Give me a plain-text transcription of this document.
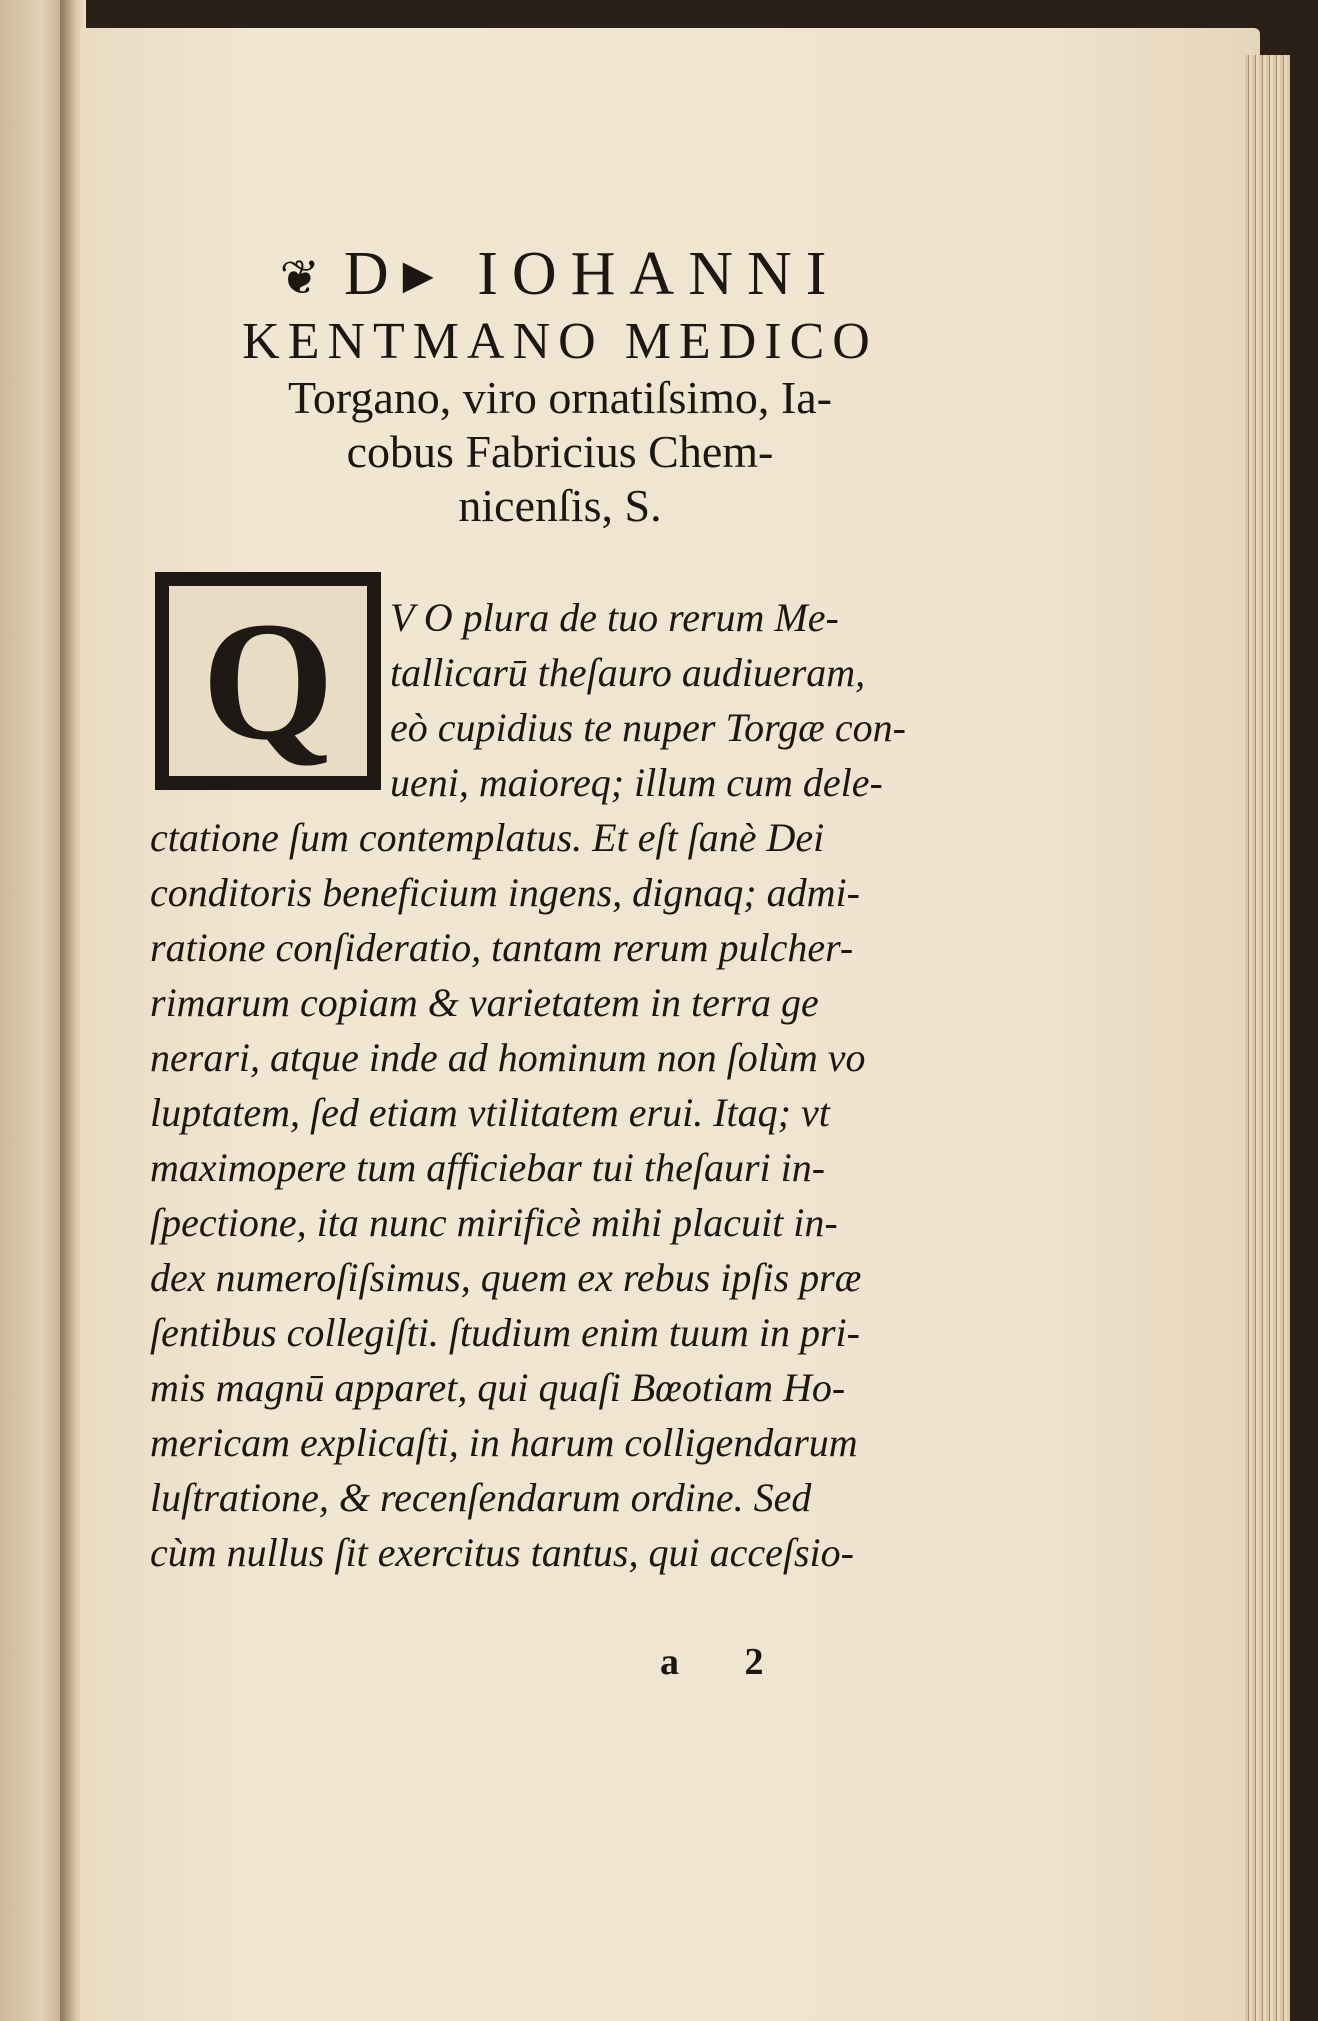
❦ D▸ IOHANNI
KENTMANO MEDICO
Torgano, viro ornatiſsimo, Ia-
cobus Fabricius Chem-
nicenſis, S.
Q	V O plura de tuo rerum Me-
tallicarū theſauro audiueram,
eò cupidius te nuper Torgæ con-
ueni, maioreq; illum cum dele-
ctatione ſum contemplatus. Et eſt ſanè Dei
conditoris beneficium ingens, dignaq; admi-
ratione conſideratio, tantam rerum pulcher-
rimarum copiam & varietatem in terra ge
nerari, atque inde ad hominum non ſolùm vo
luptatem, ſed etiam vtilitatem erui. Itaq; vt
maximopere tum afficiebar tui theſauri in-
ſpectione, ita nunc mirificè mihi placuit in-
dex numeroſiſsimus, quem ex rebus ipſis præ
ſentibus collegiſti. ſtudium enim tuum in pri-
mis magnū apparet, qui quaſi Bœotiam Ho-
mericam explicaſti, in harum colligendarum
luſtratione, & recenſendarum ordine. Sed
cùm nullus ſit exercitus tantus, qui acceſsio-
a 2
